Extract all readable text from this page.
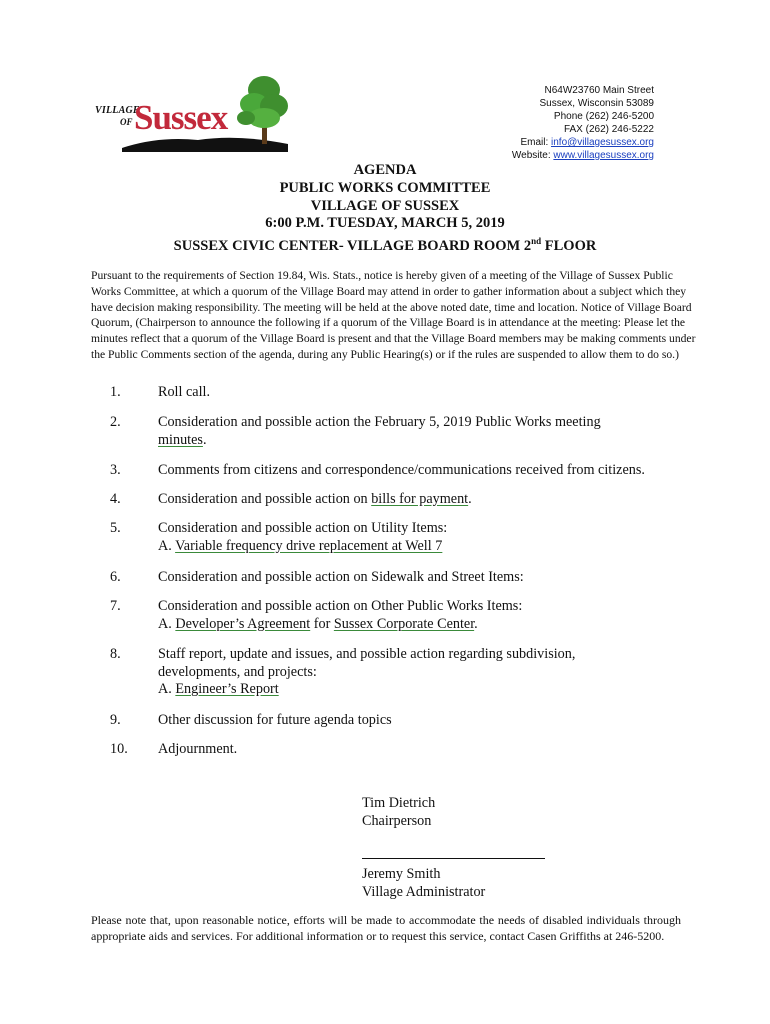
VILLAGE
OF Sussex
N64W23760 Main Street
Sussex, Wisconsin 53089
Phone (262) 246-5200
FAX (262) 246-5222
Email: info@villagesussex.org
Website: www.villagesussex.org
AGENDA
PUBLIC WORKS COMMITTEE
VILLAGE OF SUSSEX
6:00 P.M. TUESDAY, MARCH 5, 2019
SUSSEX CIVIC CENTER- VILLAGE BOARD ROOM 2nd FLOOR
Pursuant to the requirements of Section 19.84, Wis. Stats., notice is hereby given of a meeting of the Village of Sussex Public Works Committee, at which a quorum of the Village Board may attend in order to gather information about a subject which they have decision making responsibility. The meeting will be held at the above noted date, time and location. Notice of Village Board Quorum, (Chairperson to announce the following if a quorum of the Village Board is in attendance at the meeting: Please let the minutes reflect that a quorum of the Village Board is present and that the Village Board members may be making comments under the Public Comments section of the agenda, during any Public Hearing(s) or if the rules are suspended to allow them to do so.)
1.	Roll call.
2.	Consideration and possible action the February 5, 2019 Public Works meeting
minutes.
3.	Comments from citizens and correspondence/communications received from citizens.
4.	Consideration and possible action on bills for payment.
5.	Consideration and possible action on Utility Items:
A. Variable frequency drive replacement at Well 7
6.	Consideration and possible action on Sidewalk and Street Items:
7.	Consideration and possible action on Other Public Works Items:
A. Developer’s Agreement for Sussex Corporate Center.
8.	Staff report, update and issues, and possible action regarding subdivision,
developments, and projects:
A. Engineer’s Report
9.	Other discussion for future agenda topics
10. Adjournment.
Tim Dietrich
Chairperson
Jeremy Smith
Village Administrator
Please note that, upon reasonable notice, efforts will be made to accommodate the needs of disabled individuals through appropriate aids and services. For additional information or to request this service, contact Casen Griffiths at 246-5200.
